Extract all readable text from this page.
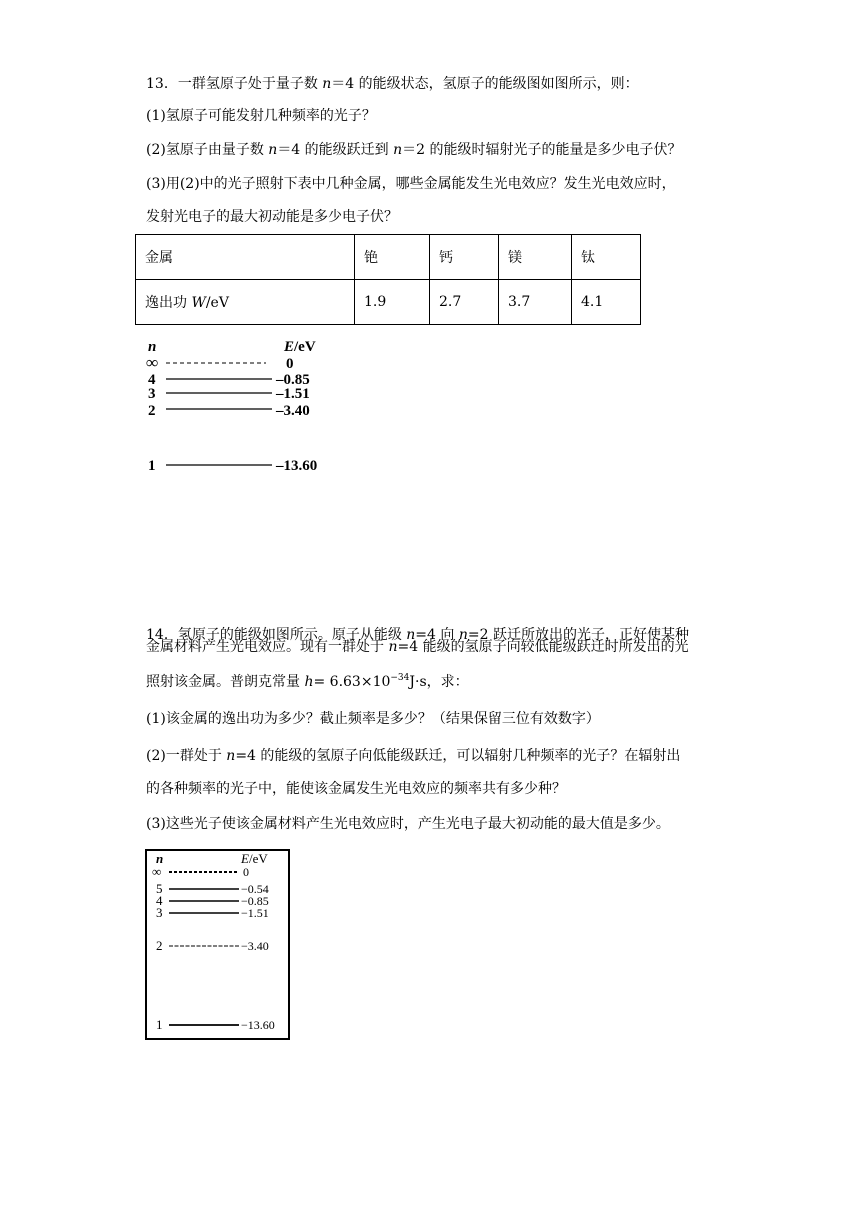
13．一群氢原子处于量子数 n＝4 的能级状态，氢原子的能级图如图所示，则：
(1)氢原子可能发射几种频率的光子？
(2)氢原子由量子数 n＝4 的能级跃迁到 n＝2 的能级时辐射光子的能量是多少电子伏？
(3)用(2)中的光子照射下表中几种金属，哪些金属能发生光电效应？发生光电效应时，
发射光电子的最大初动能是多少电子伏？
金属	铯	钙	镁	钛
逸出功 W/eV	1.9	2.7	3.7	4.1
n	E/eV
∞	0
4	–0.85
3	–1.51
2	–3.40
1	–13.60
14．氢原子的能级如图所示。原子从能级 n=4 向 n=2 跃迁所放出的光子，正好使某种
金属材料产生光电效应。现有一群处于 n=4 能级的氢原子向较低能级跃迁时所发出的光
照射该金属。普朗克常量 $h= 6.63\times 10^{-34}J\cdot s$，求：
(1)该金属的逸出功为多少？截止频率是多少？（结果保留三位有效数字）
(2)一群处于 n=4 的能级的氢原子向低能级跃迁，可以辐射几种频率的光子？在辐射出
的各种频率的光子中，能使该金属发生光电效应的频率共有多少种？
(3)这些光子使该金属材料产生光电效应时，产生光电子最大初动能的最大值是多少。
n	E/eV
∞	0
5	−0.54
4	−0.85
3	−1.51
2	−3.40
1	−13.60
